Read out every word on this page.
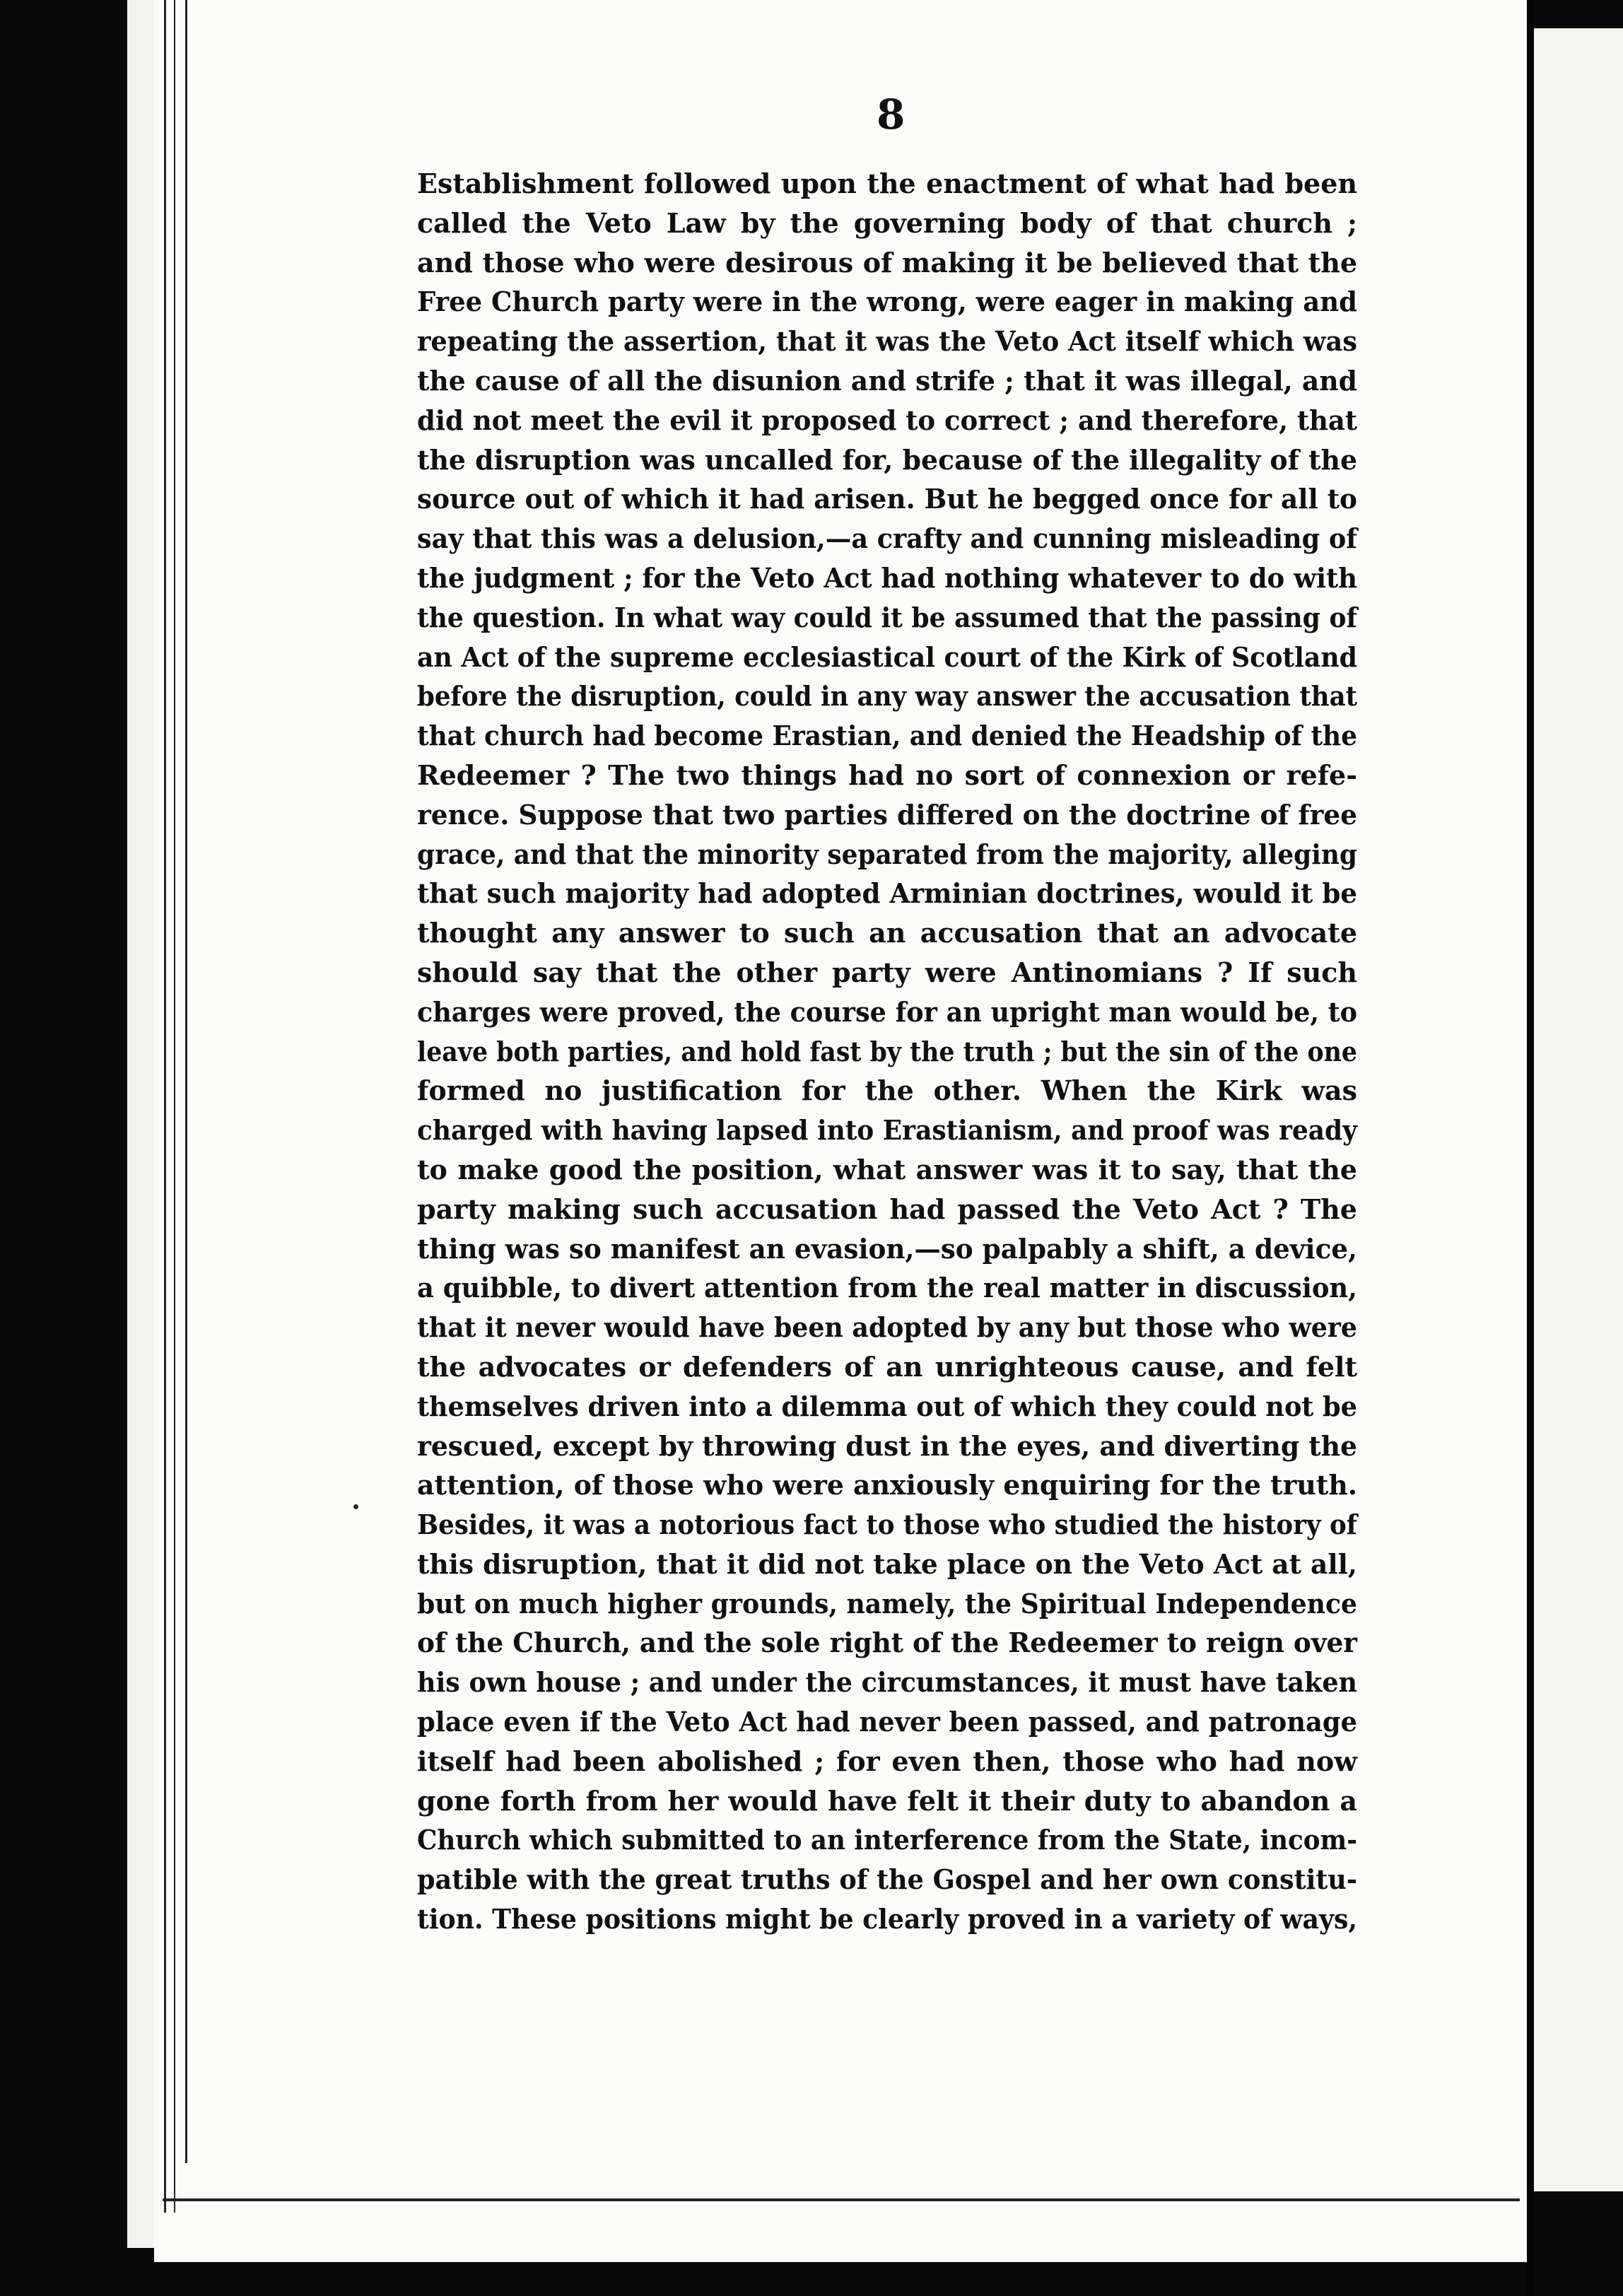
8
Establishment followed upon the enactment of what had been
called the Veto Law by the governing body of that church ;
and those who were desirous of making it be believed that the
Free Church party were in the wrong, were eager in making and
repeating the assertion, that it was the Veto Act itself which was
the cause of all the disunion and strife ; that it was illegal, and
did not meet the evil it proposed to correct ; and therefore, that
the disruption was uncalled for, because of the illegality of the
source out of which it had arisen. But he begged once for all to
say that this was a delusion,—a crafty and cunning misleading of
the judgment ; for the Veto Act had nothing whatever to do with
the question. In what way could it be assumed that the passing of
an Act of the supreme ecclesiastical court of the Kirk of Scotland
before the disruption, could in any way answer the accusation that
that church had become Erastian, and denied the Headship of the
Redeemer ? The two things had no sort of connexion or refe-
rence. Suppose that two parties differed on the doctrine of free
grace, and that the minority separated from the majority, alleging
that such majority had adopted Arminian doctrines, would it be
thought any answer to such an accusation that an advocate
should say that the other party were Antinomians ? If such
charges were proved, the course for an upright man would be, to
leave both parties, and hold fast by the truth ; but the sin of the one
formed no justification for the other. When the Kirk was
charged with having lapsed into Erastianism, and proof was ready
to make good the position, what answer was it to say, that the
party making such accusation had passed the Veto Act ? The
thing was so manifest an evasion,—so palpably a shift, a device,
a quibble, to divert attention from the real matter in discussion,
that it never would have been adopted by any but those who were
the advocates or defenders of an unrighteous cause, and felt
themselves driven into a dilemma out of which they could not be
rescued, except by throwing dust in the eyes, and diverting the
attention, of those who were anxiously enquiring for the truth.
Besides, it was a notorious fact to those who studied the history of
this disruption, that it did not take place on the Veto Act at all,
but on much higher grounds, namely, the Spiritual Independence
of the Church, and the sole right of the Redeemer to reign over
his own house ; and under the circumstances, it must have taken
place even if the Veto Act had never been passed, and patronage
itself had been abolished ; for even then, those who had now
gone forth from her would have felt it their duty to abandon a
Church which submitted to an interference from the State, incom-
patible with the great truths of the Gospel and her own constitu-
tion. These positions might be clearly proved in a variety of ways,
